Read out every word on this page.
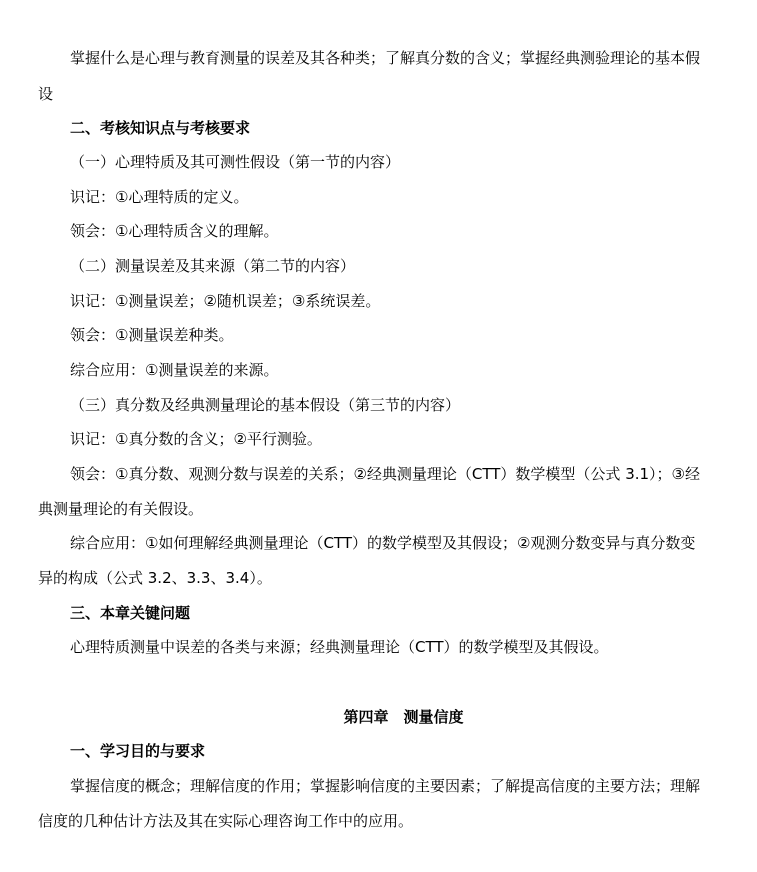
掌握什么是心理与教育测量的误差及其各种类；了解真分数的含义；掌握经典测验理论的基本假
设
二、考核知识点与考核要求
（一）心理特质及其可测性假设（第一节的内容）
识记：①心理特质的定义。
领会：①心理特质含义的理解。
（二）测量误差及其来源（第二节的内容）
识记：①测量误差；②随机误差；③系统误差。
领会：①测量误差种类。
综合应用：①测量误差的来源。
（三）真分数及经典测量理论的基本假设（第三节的内容）
识记：①真分数的含义；②平行测验。
领会：①真分数、观测分数与误差的关系；②经典测量理论（CTT）数学模型（公式 3.1）；③经
典测量理论的有关假设。
综合应用：①如何理解经典测量理论（CTT）的数学模型及其假设；②观测分数变异与真分数变
异的构成（公式 3.2、3.3、3.4）。
三、本章关键问题
心理特质测量中误差的各类与来源；经典测量理论（CTT）的数学模型及其假设。
第四章　测量信度
一、学习目的与要求
掌握信度的概念；理解信度的作用；掌握影响信度的主要因素；了解提高信度的主要方法；理解
信度的几种估计方法及其在实际心理咨询工作中的应用。
